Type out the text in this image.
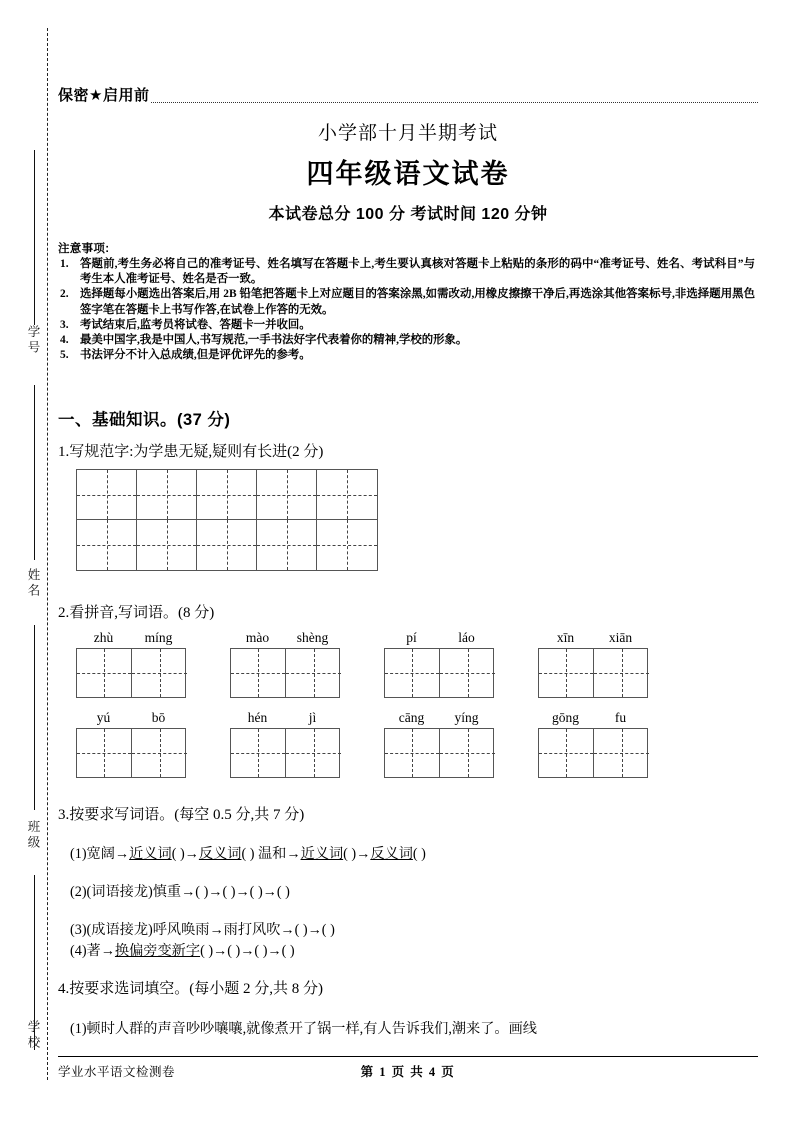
学号
姓名
班级
学校
保密★启用前
小学部十月半期考试
四年级语文试卷
本试卷总分 100 分 考试时间 120 分钟
注意事项:
1.	答题前,考生务必将自己的准考证号、姓名填写在答题卡上,考生要认真核对答题卡上粘贴的条形的码中“准考证号、姓名、考试科目”与考生本人准考证号、姓名是否一致。
2.	选择题每小题选出答案后,用 2B 铅笔把答题卡上对应题目的答案涂黑,如需改动,用橡皮擦擦干净后,再选涂其他答案标号,非选择题用黑色签字笔在答题卡上书写作答,在试卷上作答的无效。
3.	考试结束后,监考员将试卷、答题卡一并收回。
4.	最美中国字,我是中国人,书写规范,一手书法好字代表着你的精神,学校的形象。
5.	书法评分不计入总成绩,但是评优评先的参考。
一、基础知识。(37 分)
1.写规范字:为学患无疑,疑则有长进(2 分)
2.看拼音,写词语。(8 分)
zhù	míng	mào	shèng	pí	láo	xīn	xiān
yú	bō	hén	jì	cāng	yíng	gōng	fu
3.按要求写词语。(每空 0.5 分,共 7 分)
(1)宽阔→近义词( )→反义词( ) 温和→近义词( )→反义词( )
(2)(词语接龙)慎重→( )→( )→( )→( )
(3)(成语接龙)呼风唤雨→雨打风吹→( )→( )
(4)著→换偏旁变新字( )→( )→( )→( )
4.按要求选词填空。(每小题 2 分,共 8 分)
(1)顿时人群的声音吵吵嚷嚷,就像煮开了锅一样,有人告诉我们,潮来了。画线
学业水平语文检测卷	第 1 页 共 4 页
